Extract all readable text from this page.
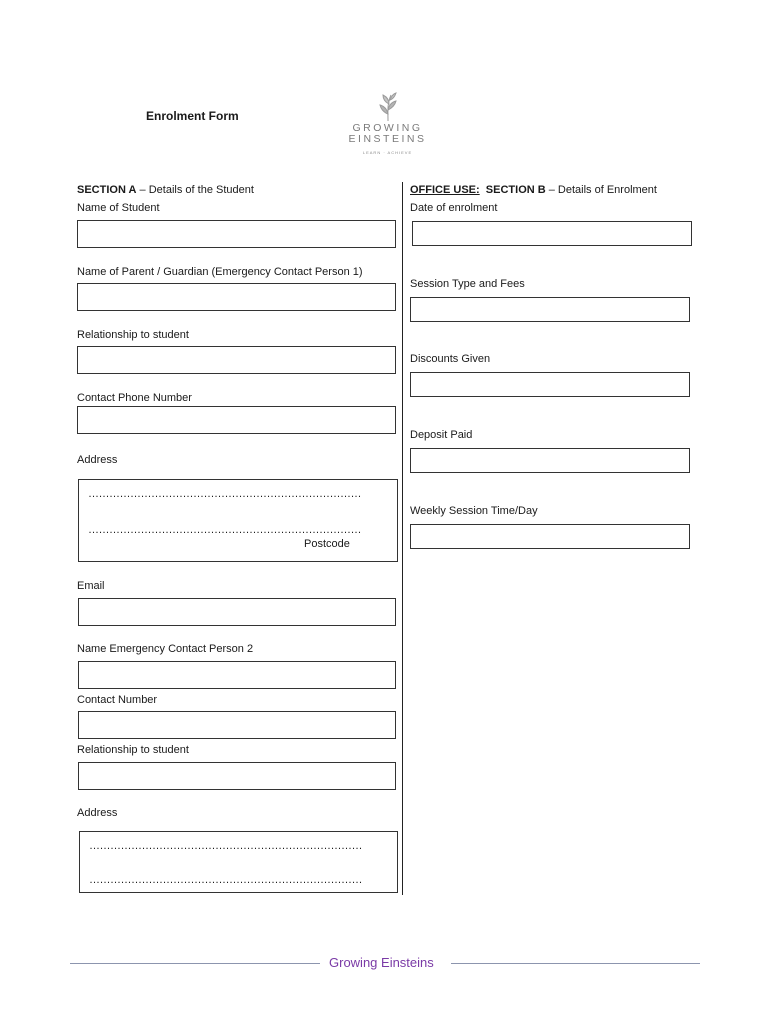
Enrolment Form
GROWING
EINSTEINS
LEARN · ACHIEVE
SECTION A – Details of the Student
Name of Student
Name of Parent / Guardian (Emergency Contact Person 1)
Relationship to student
Contact Phone Number
Address
……………………………………………………………………
……………………………………………………………………
Postcode
Email
Name Emergency Contact Person 2
Contact Number
Relationship to student
Address
……………………………………………………………………
……………………………………………………………………
OFFICE USE: SECTION B – Details of Enrolment
Date of enrolment
Session Type and Fees
Discounts Given
Deposit Paid
Weekly Session Time/Day
Growing Einsteins
